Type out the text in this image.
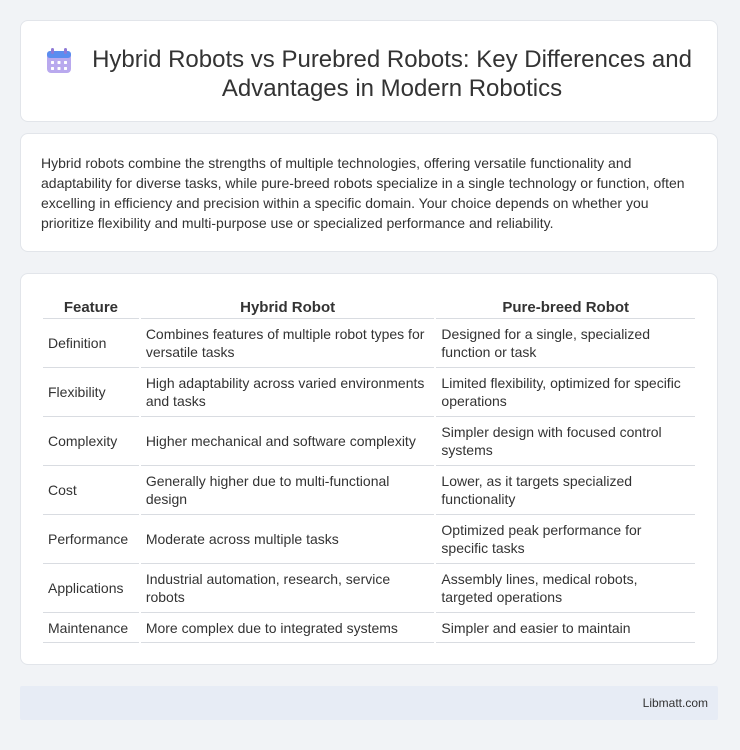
Hybrid Robots vs Purebred Robots: Key Differences and Advantages in Modern Robotics

Hybrid robots combine the strengths of multiple technologies, offering versatile functionality and adaptability for diverse tasks, while pure-breed robots specialize in a single technology or function, often excelling in efficiency and precision within a specific domain. Your choice depends on whether you prioritize flexibility and multi-purpose use or specialized performance and reliability.

Feature	Hybrid Robot	Pure-breed Robot
Definition	Combines features of multiple robot types for versatile tasks	Designed for a single, specialized function or task
Flexibility	High adaptability across varied environments and tasks	Limited flexibility, optimized for specific operations
Complexity	Higher mechanical and software complexity	Simpler design with focused control systems
Cost	Generally higher due to multi-functional design	Lower, as it targets specialized functionality
Performance	Moderate across multiple tasks	Optimized peak performance for specific tasks
Applications	Industrial automation, research, service robots	Assembly lines, medical robots, targeted operations
Maintenance	More complex due to integrated systems	Simpler and easier to maintain
Libmatt.com
